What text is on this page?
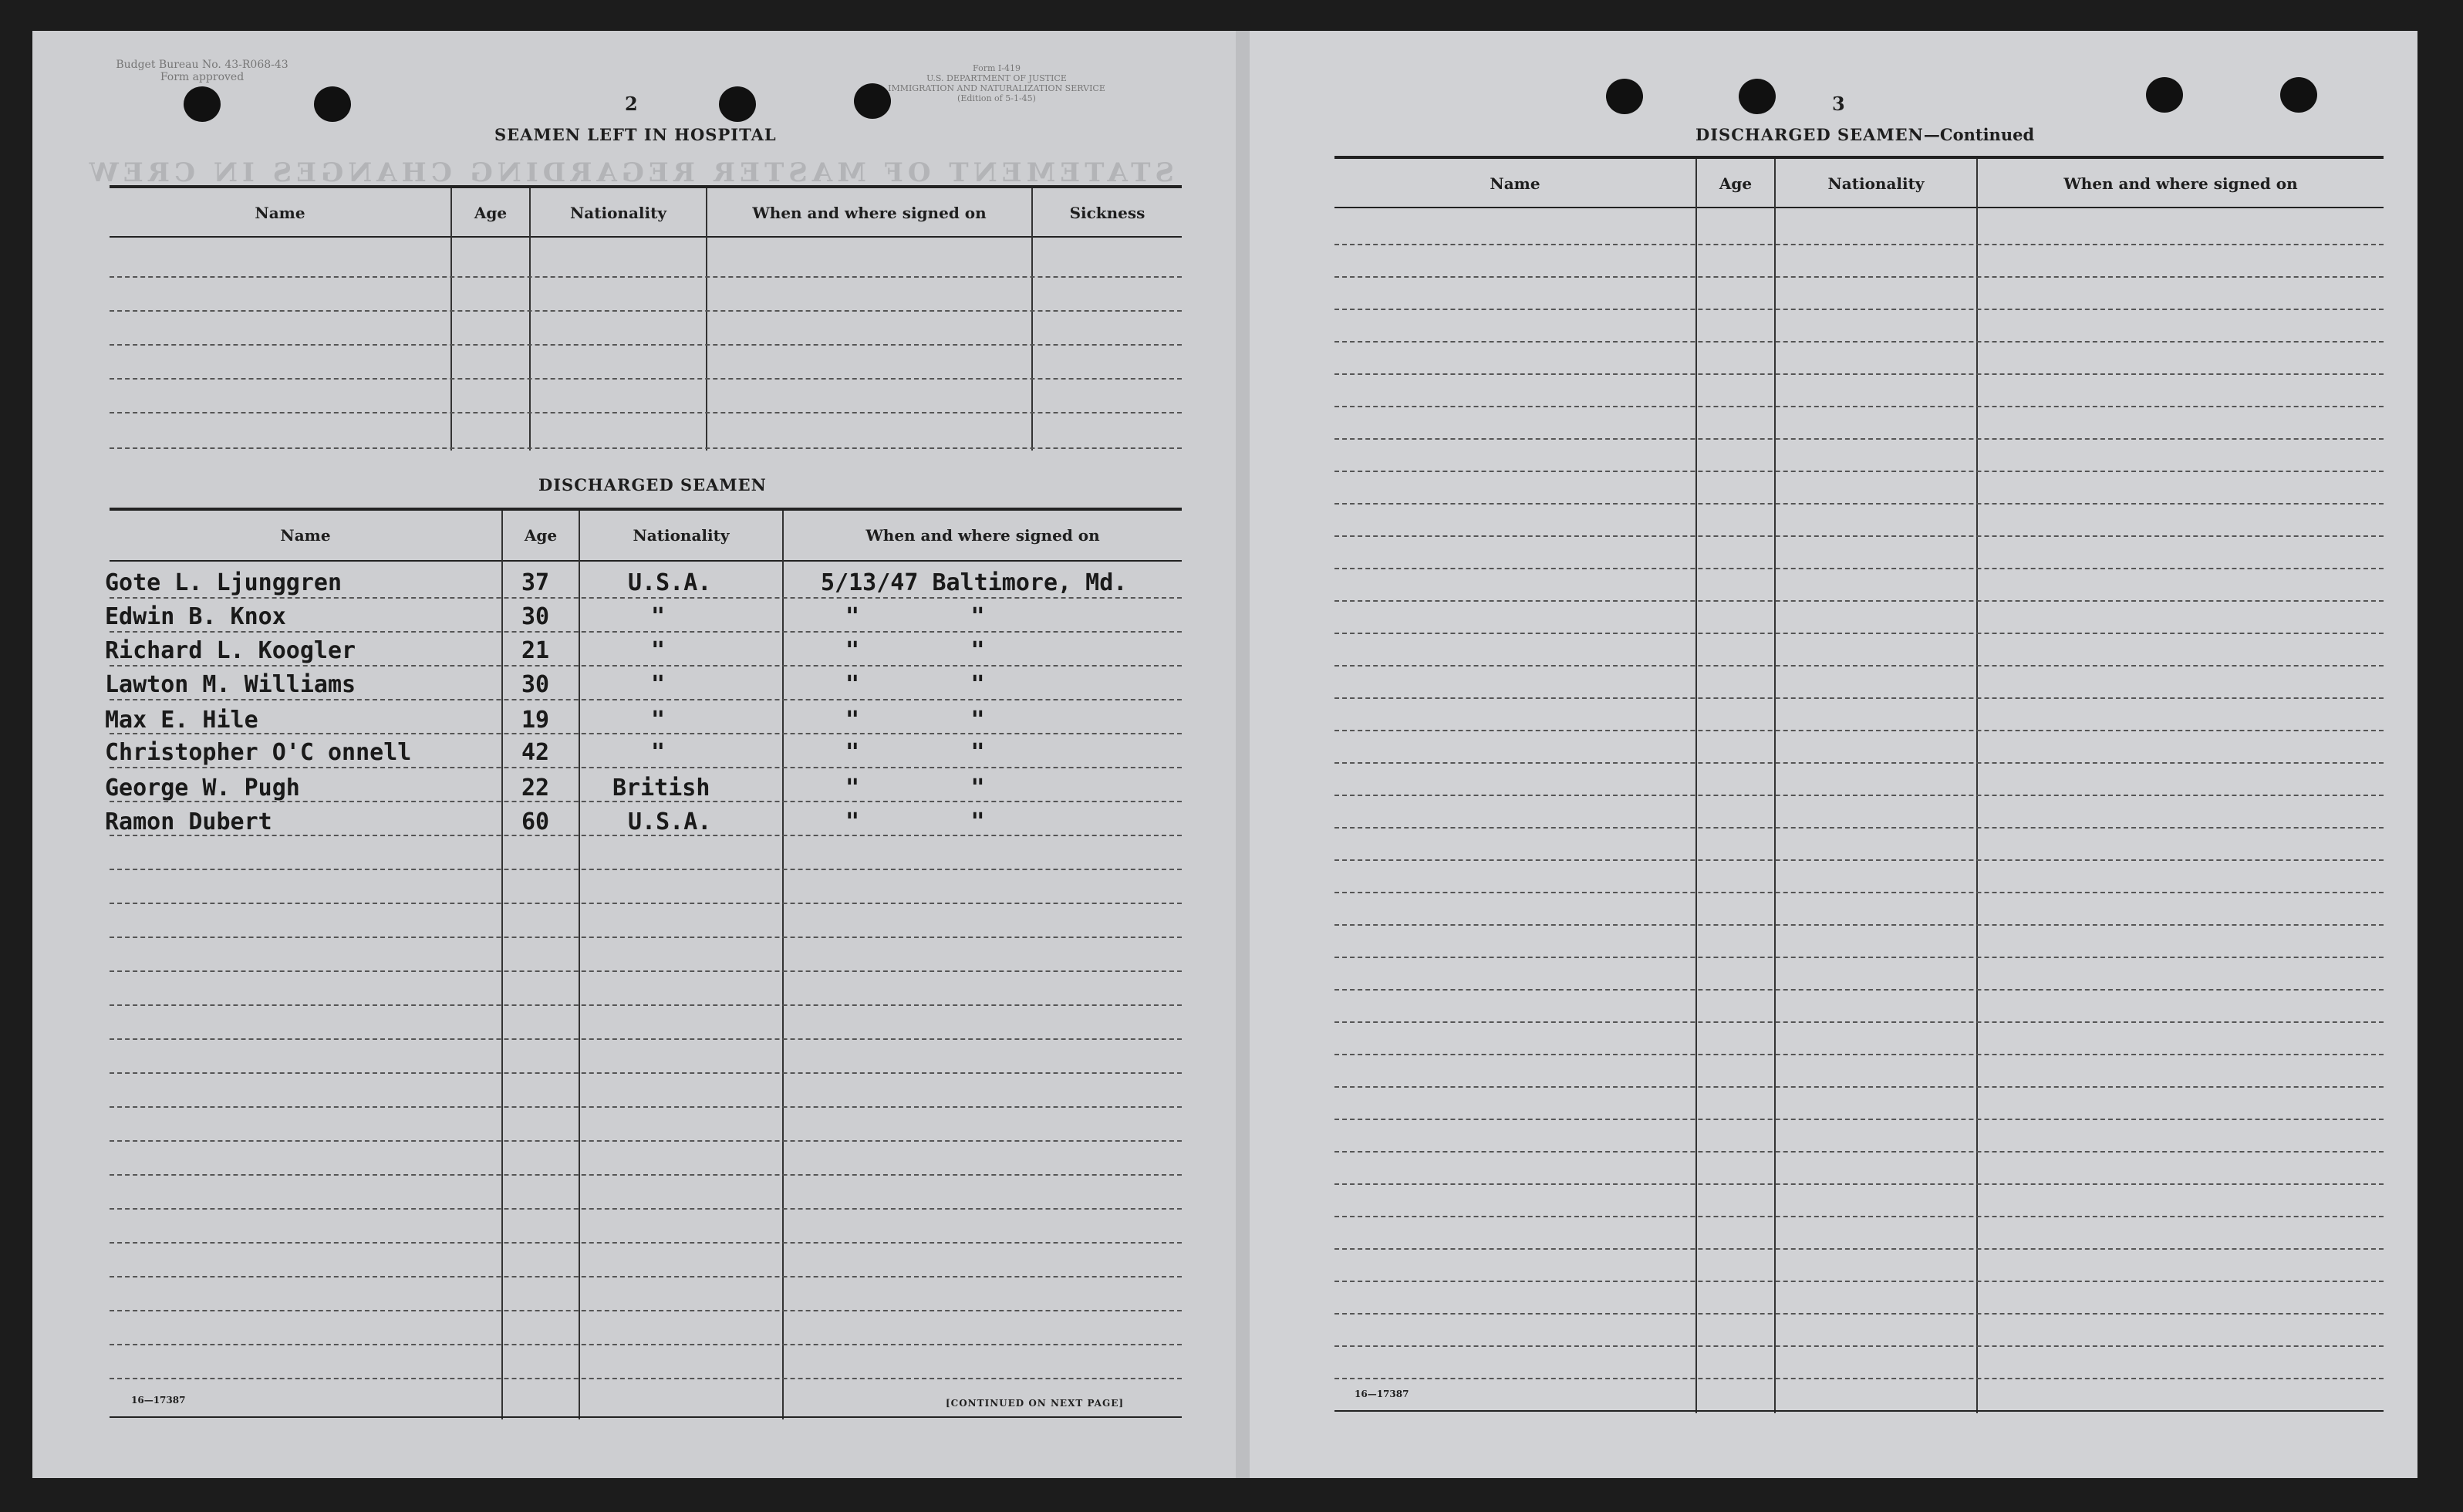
Budget Bureau No. 43-R068-43
Form approved
Form I-419
U.S. DEPARTMENT OF JUSTICE
IMMIGRATION AND NATURALIZATION SERVICE
(Edition of 5-1-45)
2
SEAMEN LEFT IN HOSPITAL
STATEMENT OF MASTER REGARDING CHANGES IN CREW
Name	Age	Nationality	When and where signed on	Sickness
DISCHARGED SEAMEN
Name	Age	Nationality	When and where signed on
Gote L. Ljunggren	37	U.S.A.	5/13/47 Baltimore, Md.
Edwin B. Knox	30	"	"        "
Richard L. Koogler	21	"	"        "
Lawton M. Williams	30	"	"        "
Max E. Hile	19	"	"        "
Christopher O'C onnell	42	"	"        "
George W. Pugh	22	British	"        "
Ramon Dubert	60	U.S.A.	"        "
16—17387	[CONTINUED ON NEXT PAGE]
3
DISCHARGED SEAMEN—Continued
Name	Age	Nationality	When and where signed on
16—17387
